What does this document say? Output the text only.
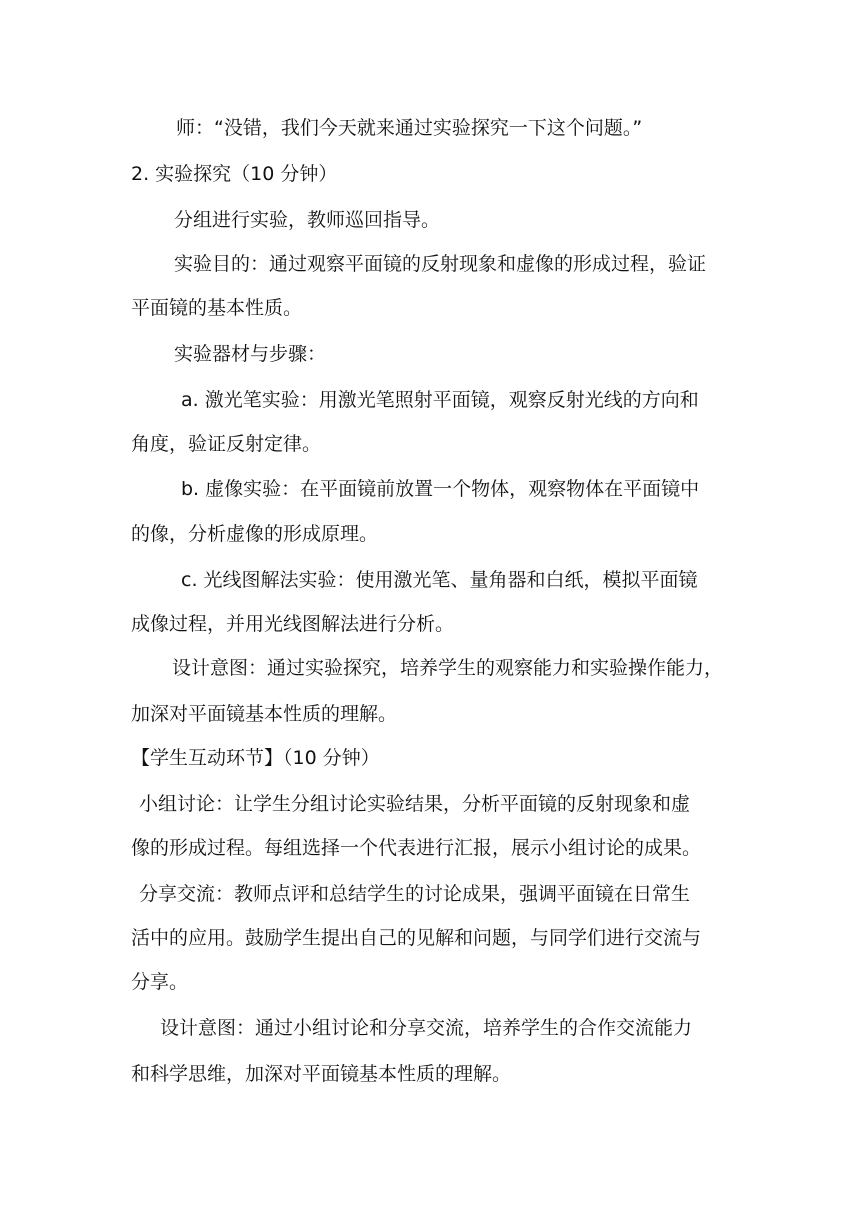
师：“没错，我们今天就来通过实验探究一下这个问题。”
2. 实验探究（10 分钟）
分组进行实验，教师巡回指导。
实验目的：通过观察平面镜的反射现象和虚像的形成过程，验证
平面镜的基本性质。
实验器材与步骤：
a. 激光笔实验：用激光笔照射平面镜，观察反射光线的方向和
角度，验证反射定律。
b. 虚像实验：在平面镜前放置一个物体，观察物体在平面镜中
的像，分析虚像的形成原理。
c. 光线图解法实验：使用激光笔、量角器和白纸，模拟平面镜
成像过程，并用光线图解法进行分析。
设计意图：通过实验探究，培养学生的观察能力和实验操作能力，
加深对平面镜基本性质的理解。
【学生互动环节】（10 分钟）
小组讨论：让学生分组讨论实验结果，分析平面镜的反射现象和虚
像的形成过程。每组选择一个代表进行汇报，展示小组讨论的成果。
分享交流：教师点评和总结学生的讨论成果，强调平面镜在日常生
活中的应用。鼓励学生提出自己的见解和问题，与同学们进行交流与
分享。
设计意图：通过小组讨论和分享交流，培养学生的合作交流能力
和科学思维，加深对平面镜基本性质的理解。
